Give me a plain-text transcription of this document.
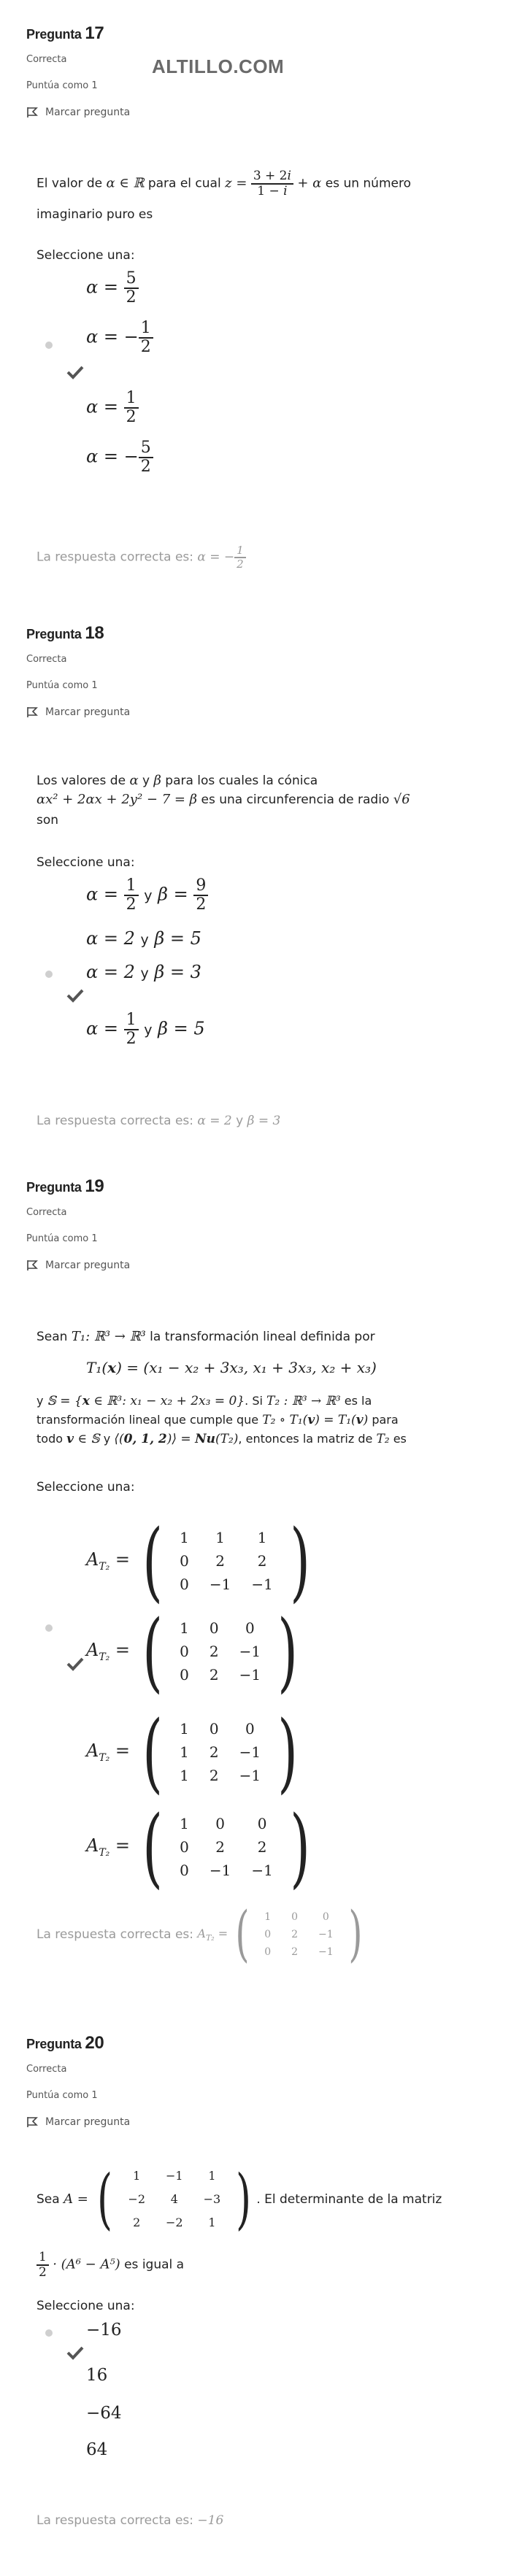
ALTILLO.COM
Pregunta 17
Correcta
Puntúa como 1
Marcar pregunta
El valor de α ∈ ℝ para el cual $z = \frac{3 + 2i}{1 - i} + \alpha$ es un número
imaginario puro es
Seleccione una:
$\alpha = \frac{5}{2}$
α = − $\frac{1}{2}$
$\alpha = \frac{1}{2}$
α = − $\frac{5}{2}$
La respuesta correcta es: α = − $\frac{1}{2}$
Pregunta 18
Correcta
Puntúa como 1
Marcar pregunta
Los valores de α y β para los cuales la cónica
αx² + 2αx + 2y² − 7 = β es una circunferencia de radio √6
son
Seleccione una:
$\alpha = \frac{1}{2}$ y $\beta = \frac{9}{2}$
α = 2 y β = 5
α = 2 y β = 3
$\alpha = \frac{1}{2}$ y β = 5
La respuesta correcta es: α = 2 y β = 3
Pregunta 19
Correcta
Puntúa como 1
Marcar pregunta
Sean T₁: ℝ³ → ℝ³ la transformación lineal definida por
T₁(x) = (x₁ − x₂ + 3x₃, x₁ + 3x₃, x₂ + x₃)
y 𝕊 = {x ∈ ℝ³: x₁ − x₂ + 2x₃ = 0}. Si T₂ : ℝ³ → ℝ³ es la
transformación lineal que cumple que T₂ ∘ T₁(v) = T₁(v) para
todo v ∈ 𝕊 y ⟨(0, 1, 2)⟩ = Nu(T₂), entonces la matriz de T₂ es
Seleccione una:
$A_{T_2}$ = (	1	1	1
0	2	2
0	−1	−1 )
$A_{T_2}$ = (	1	0	0
0	2	−1
0	2	−1 )
$A_{T_2}$ = (	1	0	0
1	2	−1
1	2	−1 )
$A_{T_2}$ = (	1	0	0
0	2	2
0	−1	−1 )
La respuesta correcta es: $A_{T_2}$ = (	1	0	0
0	2	−1
0	2	−1 )
Pregunta 20
Correcta
Puntúa como 1
Marcar pregunta
Sea A = (	1	−1	1
−2	4	−3
2	−2	1 ) . El determinante de la matriz
$\frac{1}{2} \cdot (A^6 - A^5)$ es igual a
Seleccione una:
−16
16
−64
64
La respuesta correcta es: −16
